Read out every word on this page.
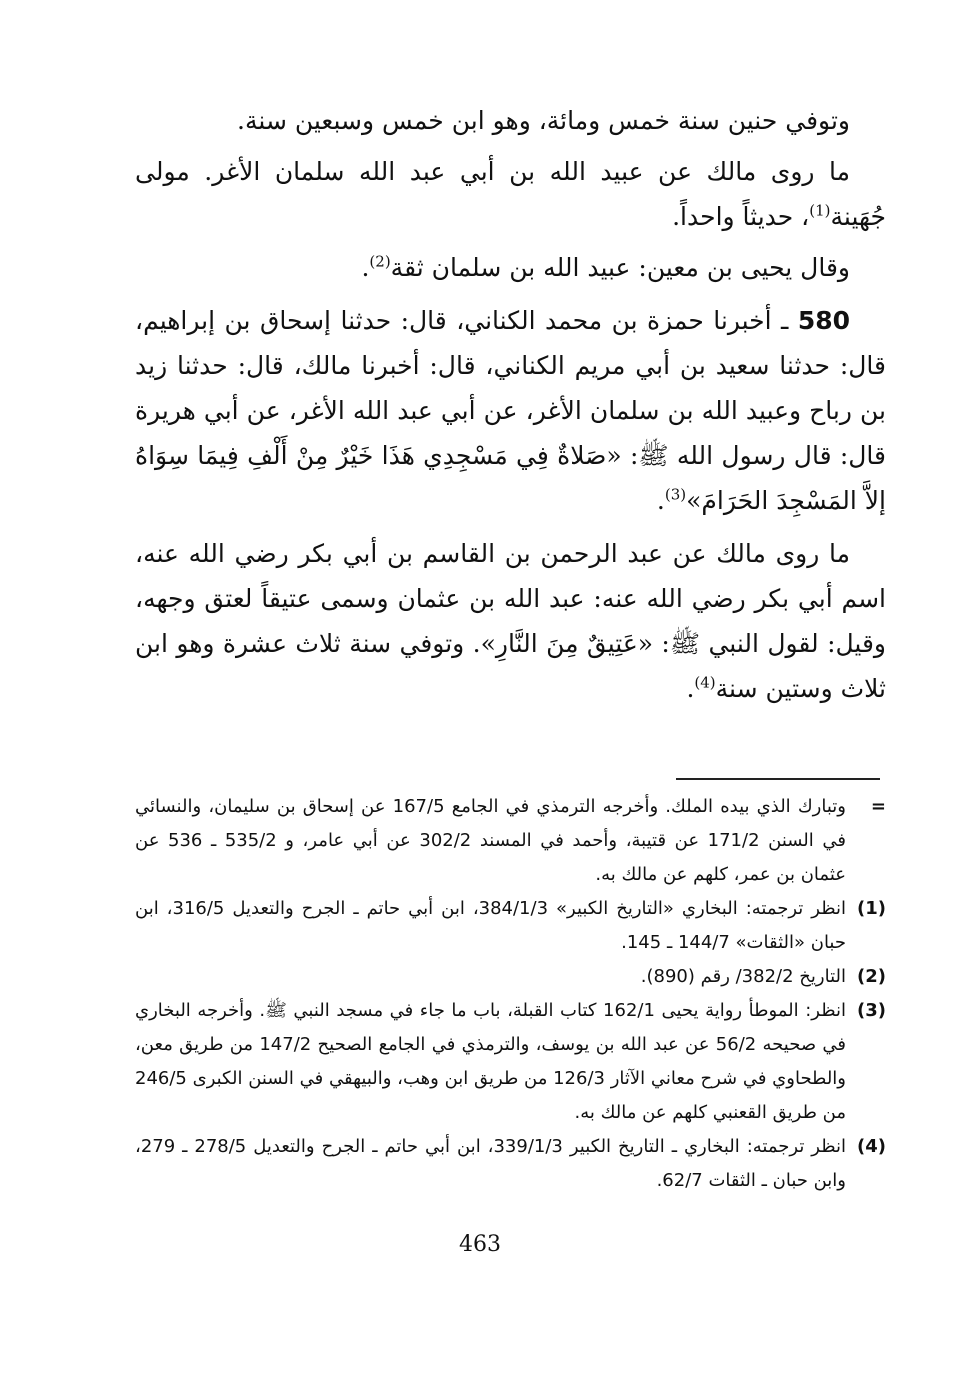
وتوفي حنين سنة خمس ومائة، وهو ابن خمس وسبعين سنة.

ما روى مالك عن عبيد الله بن أبي عبد الله سلمان الأغر. مولى جُهَينة$^{(1)}$، حديثاً واحداً.

وقال يحيى بن معين: عبيد الله بن سلمان ثقة$^{(2)}$.

580 ـ أخبرنا حمزة بن محمد الكناني، قال: حدثنا إسحاق بن إبراهيم، قال: حدثنا سعيد بن أبي مريم الكناني، قال: أخبرنا مالك، قال: حدثنا زيد بن رباح وعبيد الله بن سلمان الأغر، عن أبي عبد الله الأغر، عن أبي هريرة قال: قال رسول الله ﷺ: «صَلاةٌ فِي مَسْجِدِي هَذَا خَيْرٌ مِنْ أَلْفِ فِيمَا سِوَاهُ إلاَّ المَسْجِدَ الحَرَامَ»$^{(3)}$.

ما روى مالك عن عبد الرحمن بن القاسم بن أبي بكر رضي الله عنه، اسم أبي بكر رضي الله عنه: عبد الله بن عثمان وسمى عتيقاً لعتق وجهه، وقيل: لقول النبي ﷺ: «عَتِيقٌ مِنَ النَّارِ». وتوفي سنة ثلاث عشرة وهو ابن ثلاث وستين سنة$^{(4)}$.

=
وتبارك الذي بيده الملك. وأخرجه الترمذي في الجامع 167/5 عن إسحاق بن سليمان، والنسائي في السنن 171/2 عن قتيبة، وأحمد في المسند 302/2 عن أبي عامر، و 535/2 ـ 536 عن عثمان بن عمر، كلهم عن مالك به.

(1)
انظر ترجمته: البخاري «التاريخ الكبير» 384/1/3، ابن أبي حاتم ـ الجرح والتعديل 316/5، ابن حبان «الثقات» 144/7 ـ 145.

(2)
التاريخ 382/2/ رقم (890).

(3)
انظر: الموطأ رواية يحيى 162/1 كتاب القبلة، باب ما جاء في مسجد النبي ﷺ. وأخرجه البخاري في صحيحه 56/2 عن عبد الله بن يوسف، والترمذي في الجامع الصحيح 147/2 من طريق معن، والطحاوي في شرح معاني الآثار 126/3 من طريق ابن وهب، والبيهقي في السنن الكبرى 246/5 من طريق القعنبي كلهم عن مالك به.

(4)
انظر ترجمته: البخاري ـ التاريخ الكبير 339/1/3، ابن أبي حاتم ـ الجرح والتعديل 278/5 ـ 279، وابن حبان ـ الثقات 62/7.

463
